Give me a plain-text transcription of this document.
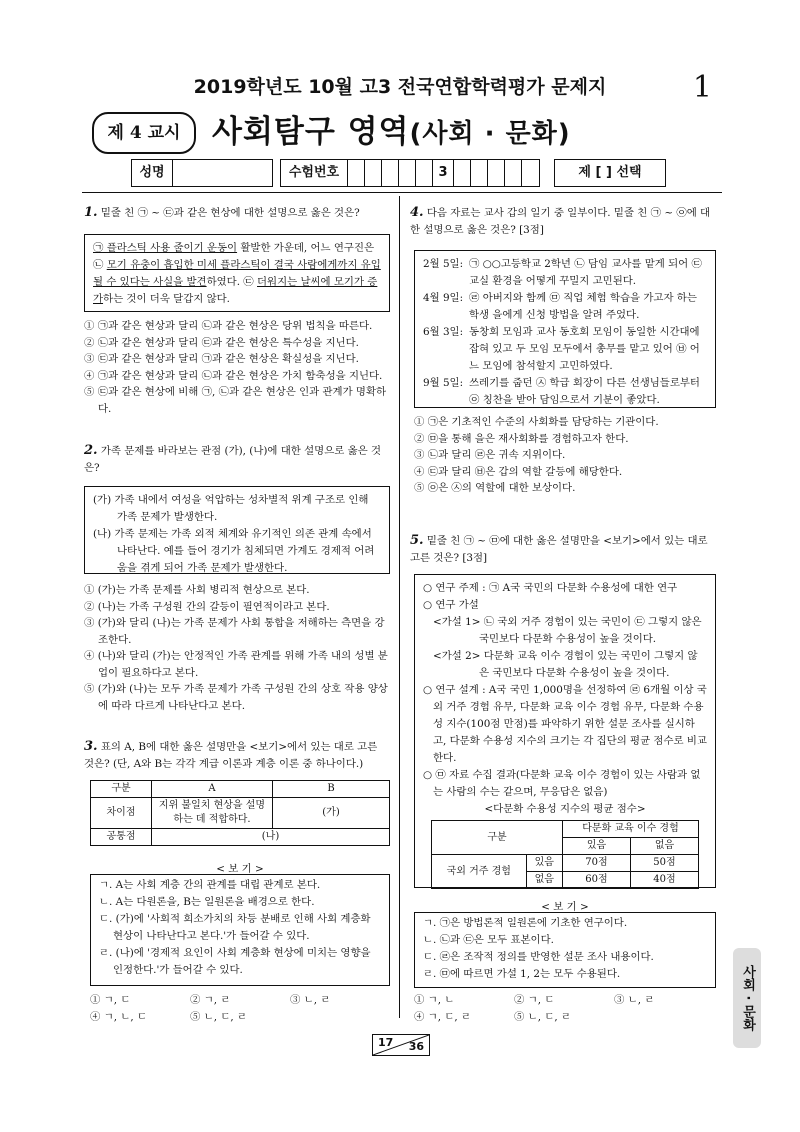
2019학년도 10월 고3 전국연합학력평가 문제지	1
제 4 교시	사회탐구 영역(사회 · 문화)
성명	수험번호	3	제 [ ] 선택
1. 밑줄 친 ㉠ ~ ㉢과 같은 현상에 대한 설명으로 옳은 것은?
㉠ 플라스틱 사용 줄이기 운동이 활발한 가운데, 어느 연구진은 ㉡ 모기 유충이 흡입한 미세 플라스틱이 결국 사람에게까지 유입될 수 있다는 사실을 발견하였다. ㉢ 더워지는 날씨에 모기가 증가하는 것이 더욱 달갑지 않다.
① ㉠과 같은 현상과 달리 ㉡과 같은 현상은 당위 법칙을 따른다.
② ㉡과 같은 현상과 달리 ㉢과 같은 현상은 특수성을 지닌다.
③ ㉢과 같은 현상과 달리 ㉠과 같은 현상은 확실성을 지닌다.
④ ㉠과 같은 현상과 달리 ㉡과 같은 현상은 가치 함축성을 지닌다.
⑤ ㉢과 같은 현상에 비해 ㉠, ㉡과 같은 현상은 인과 관계가 명확하다.
2. 가족 문제를 바라보는 관점 (가), (나)에 대한 설명으로 옳은 것은?
(가) 가족 내에서 여성을 억압하는 성차별적 위계 구조로 인해 가족 문제가 발생한다.
(나) 가족 문제는 가족 외적 체계와 유기적인 의존 관계 속에서 나타난다. 예를 들어 경기가 침체되면 가계도 경제적 어려움을 겪게 되어 가족 문제가 발생한다.
① (가)는 가족 문제를 사회 병리적 현상으로 본다.
② (나)는 가족 구성원 간의 갈등이 필연적이라고 본다.
③ (가)와 달리 (나)는 가족 문제가 사회 통합을 저해하는 측면을 강조한다.
④ (나)와 달리 (가)는 안정적인 가족 관계를 위해 가족 내의 성별 분업이 필요하다고 본다.
⑤ (가)와 (나)는 모두 가족 문제가 가족 구성원 간의 상호 작용 양상에 따라 다르게 나타난다고 본다.
3. 표의 A, B에 대한 옳은 설명만을 <보기>에서 있는 대로 고른 것은? (단, A와 B는 각각 계급 이론과 계층 이론 중 하나이다.)
구분	A	B
차이점	지위 불일치 현상을 설명하는 데 적합하다.	(가)
공통점	(나)	
< 보 기 >
ㄱ. A는 사회 계층 간의 관계를 대립 관계로 본다.
ㄴ. A는 다원론을, B는 일원론을 배경으로 한다.
ㄷ. (가)에 '사회적 희소가치의 차등 분배로 인해 사회 계층화 현상이 나타난다고 본다.'가 들어갈 수 있다.
ㄹ. (나)에 '경제적 요인이 사회 계층화 현상에 미치는 영향을 인정한다.'가 들어갈 수 있다.
① ㄱ, ㄷ	② ㄱ, ㄹ	③ ㄴ, ㄹ
④ ㄱ, ㄴ, ㄷ	⑤ ㄴ, ㄷ, ㄹ
4. 다음 자료는 교사 갑의 일기 중 일부이다. 밑줄 친 ㉠ ~ ㉧에 대한 설명으로 옳은 것은? [3점]
2월 5일: ㉠ ○○고등학교 2학년 ㉡ 담임 교사를 맡게 되어 ㉢ 교실 환경을 어떻게 꾸밀지 고민된다.
4월 9일: ㉣ 아버지와 함께 ㉤ 직업 체험 학습을 가고자 하는 학생 을에게 신청 방법을 알려 주었다.
6월 3일: 동창회 모임과 교사 동호회 모임이 동일한 시간대에 잡혀 있고 두 모임 모두에서 총무를 맡고 있어 ㉥ 어느 모임에 참석할지 고민하였다.
9월 5일: 쓰레기를 줍던 ㉦ 학급 회장이 다른 선생님들로부터 ㉧ 칭찬을 받아 담임으로서 기분이 좋았다.
① ㉠은 기초적인 수준의 사회화를 담당하는 기관이다.
② ㉤을 통해 을은 재사회화를 경험하고자 한다.
③ ㉡과 달리 ㉣은 귀속 지위이다.
④ ㉢과 달리 ㉥은 갑의 역할 갈등에 해당한다.
⑤ ㉧은 ㉦의 역할에 대한 보상이다.
5. 밑줄 친 ㉠ ~ ㉤에 대한 옳은 설명만을 <보기>에서 있는 대로 고른 것은? [3점]
○ 연구 주제 : ㉠ A국 국민의 다문화 수용성에 대한 연구
○ 연구 가설
<가설 1> ㉡ 국외 거주 경험이 있는 국민이 ㉢ 그렇지 않은 국민보다 다문화 수용성이 높을 것이다.
<가설 2> 다문화 교육 이수 경험이 있는 국민이 그렇지 않은 국민보다 다문화 수용성이 높을 것이다.
○ 연구 설계 : A국 국민 1,000명을 선정하여 ㉣ 6개월 이상 국외 거주 경험 유무, 다문화 교육 이수 경험 유무, 다문화 수용성 지수(100점 만점)를 파악하기 위한 설문 조사를 실시하고, 다문화 수용성 지수의 크기는 각 집단의 평균 점수로 비교한다.
○ ㉤ 자료 수집 결과(다문화 교육 이수 경험이 있는 사람과 없는 사람의 수는 같으며, 무응답은 없음)
<다문화 수용성 지수의 평균 점수>
구분		다문화 교육 이수 경험	
		있음	없음
국외 거주 경험	있음	70점	50점
	없음	60점	40점
< 보 기 >
ㄱ. ㉠은 방법론적 일원론에 기초한 연구이다.
ㄴ. ㉡과 ㉢은 모두 표본이다.
ㄷ. ㉣은 조작적 정의를 반영한 설문 조사 내용이다.
ㄹ. ㉤에 따르면 가설 1, 2는 모두 수용된다.
① ㄱ, ㄴ	② ㄱ, ㄷ	③ ㄴ, ㄹ
④ ㄱ, ㄷ, ㄹ	⑤ ㄴ, ㄷ, ㄹ
17 36
사회 · 문화
